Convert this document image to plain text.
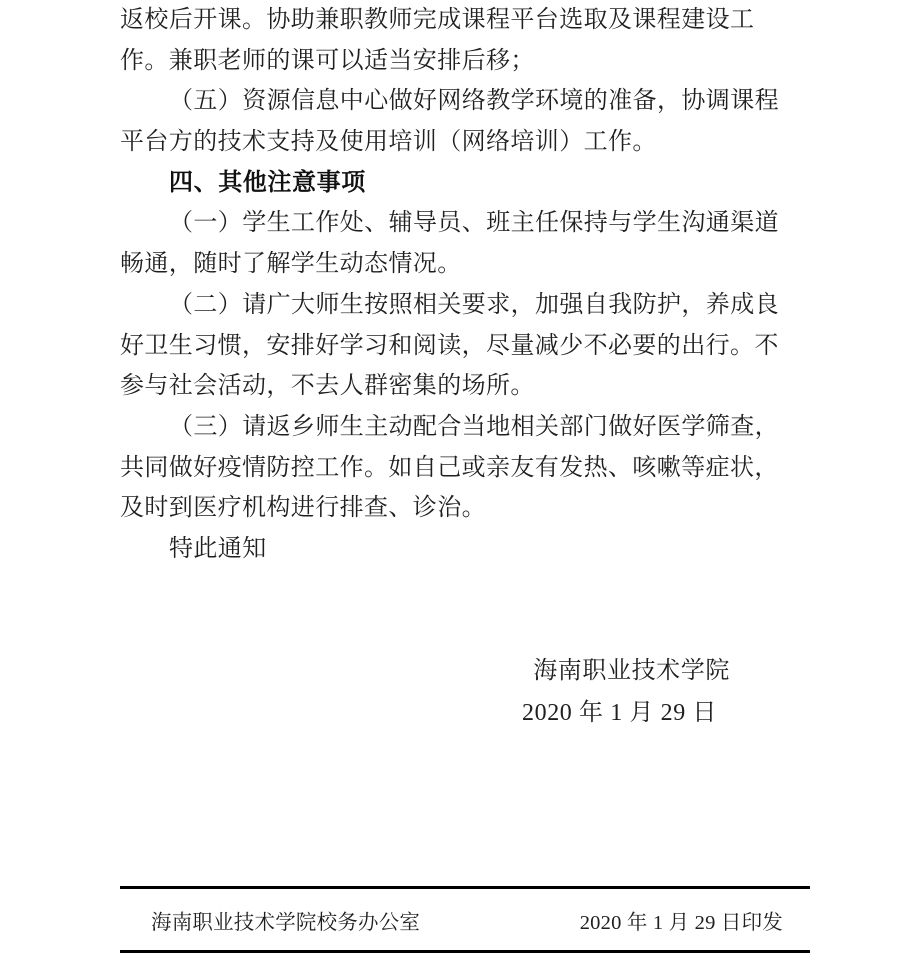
返校后开课。协助兼职教师完成课程平台选取及课程建设工
作。兼职老师的课可以适当安排后移；
（五）资源信息中心做好网络教学环境的准备，协调课程
平台方的技术支持及使用培训（网络培训）工作。
四、其他注意事项
（一）学生工作处、辅导员、班主任保持与学生沟通渠道
畅通，随时了解学生动态情况。
（二）请广大师生按照相关要求，加强自我防护，养成良
好卫生习惯，安排好学习和阅读，尽量减少不必要的出行。不
参与社会活动，不去人群密集的场所。
（三）请返乡师生主动配合当地相关部门做好医学筛查，
共同做好疫情防控工作。如自己或亲友有发热、咳嗽等症状，
及时到医疗机构进行排查、诊治。
特此通知
海南职业技术学院
2020 年 1 月 29 日
海南职业技术学院校务办公室	2020 年 1 月 29 日印发
